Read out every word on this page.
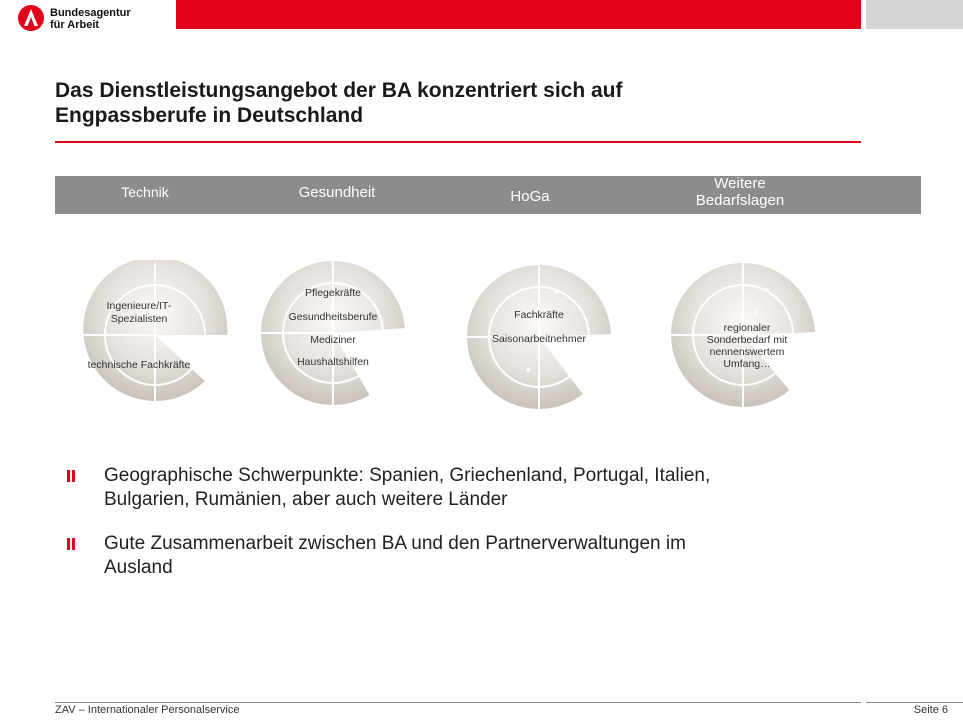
Bundesagentur
für Arbeit
Das Dienstleistungsangebot der BA konzentriert sich auf
Engpassberufe in Deutschland
Technik	Gesundheit	HoGa
Weitere
Bedarfslagen
Ingenieure/IT-
Spezialisten
technische Fachkräfte
Pflegekräfte
Gesundheitsberufe
Mediziner
Haushaltshilfen
Fachkräfte
Saisonarbeitnehmer
regionaler
Sonderbedarf mit
nennenswertem
Umfang…
Geographische Schwerpunkte: Spanien, Griechenland, Portugal, Italien,
Bulgarien, Rumänien, aber auch weitere Länder
Gute Zusammenarbeit zwischen BA und den Partnerverwaltungen im
Ausland
ZAV – Internationaler Personalservice	Seite 6
